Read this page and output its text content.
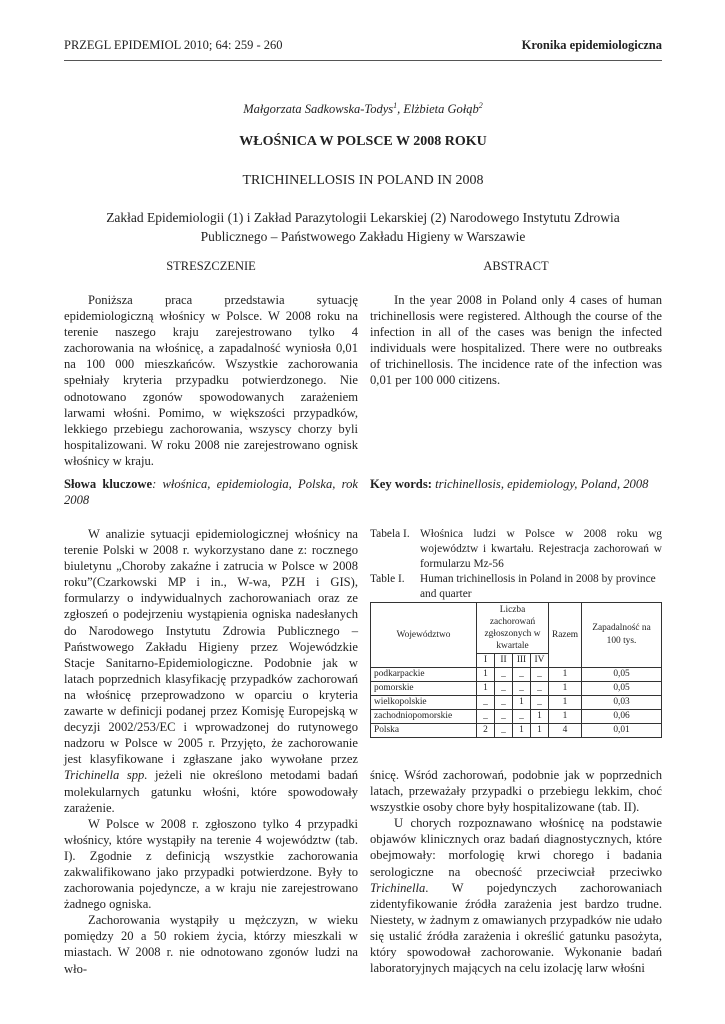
PRZEGL EPIDEMIOL 2010; 64: 259 - 260	Kronika epidemiologiczna
Małgorzata Sadkowska-Todys$^1$, Elżbieta Gołąb$^2$
WŁOŚNICA W POLSCE W 2008 ROKU
TRICHINELLOSIS IN POLAND IN 2008
Zakład Epidemiologii (1) i Zakład Parazytologii Lekarskiej (2) Narodowego Instytutu Zdrowia
Publicznego – Państwowego Zakładu Higieny w Warszawie
STRESZCZENIE	ABSTRACT

Poniższa praca przedstawia sytuację epidemiologiczną włośnicy w Polsce. W 2008 roku na terenie naszego kraju zarejestrowano tylko 4 zachorowania na włośnicę, a zapadalność wyniosła 0,01 na 100 000 mieszkańców. Wszystkie zachorowania spełniały kryteria przypadku potwierdzonego. Nie odnotowano zgonów spowodowanych zarażeniem larwami włośni. Pomimo, w większości przypadków, lekkiego przebiegu zachorowania, wszyscy chorzy byli hospitalizowani. W roku 2008 nie zarejestrowano ognisk włośnicy w kraju.

Słowa kluczowe: włośnica, epidemiologia, Polska, rok 2008

In the year 2008 in Poland only 4 cases of human trichinellosis were registered. Although the course of the infection in all of the cases was benign the infected individuals were hospitalized. There were no outbreaks of trichinellosis. The incidence rate of the infection was 0,01 per 100 000 citizens.

Key words: trichinellosis, epidemiology, Poland, 2008

W analizie sytuacji epidemiologicznej włośnicy na terenie Polski w 2008 r. wykorzystano dane z: rocznego biuletynu „Choroby zakaźne i zatrucia w Polsce w 2008 roku”(Czarkowski MP i in., W-wa, PZH i GIS), formularzy o indywidualnych zachorowaniach oraz ze zgłoszeń o podejrzeniu wystąpienia ogniska nadesłanych do Narodowego Instytutu Zdrowia Publicznego – Państwowego Zakładu Higieny przez Wojewódzkie Stacje Sanitarno-Epidemiologiczne. Podobnie jak w latach poprzednich klasyfikację przypadków zachorowań na włośnicę przeprowadzono w oparciu o kryteria zawarte w definicji podanej przez Komisję Europejską w decyzji 2002/253/EC i wprowadzonej do rutynowego nadzoru w Polsce w 2005 r. Przyjęto, że zachorowanie jest klasyfikowane i zgłaszane jako wywołane przez Trichinella spp. jeżeli nie określono metodami badań molekularnych gatunku włośni, które spowodowały zarażenie.

W Polsce w 2008 r. zgłoszono tylko 4 przypadki włośnicy, które wystąpiły na terenie 4 województw (tab. I). Zgodnie z definicją wszystkie zachorowania zakwalifikowano jako przypadki potwierdzone. Były to zachorowania pojedyncze, a w kraju nie zarejestrowano żadnego ogniska.

Zachorowania wystąpiły u mężczyzn, w wieku pomiędzy 20 a 50 rokiem życia, którzy mieszkali w miastach. W 2008 r. nie odnotowano zgonów ludzi na wło-

Tabela I. Włośnica ludzi w Polsce w 2008 roku wg województw i kwartału. Rejestracja zachorowań w formularzu Mz-56
Table I.	Human trichinellosis in Poland in 2008 by province and quarter
Województwo	Liczba zachorowań zgłoszonych w kwartale				Razem	Zapadalność na 100 tys.
	I	II	III	IV		
podkarpackie	1	_	_	_	1	0,05
pomorskie	1	_	_	_	1	0,05
wielkopolskie	_	_	1	_	1	0,03
zachodniopomorskie	_	_	_	1	1	0,06
Polska	2	_	1	1	4	0,01

śnicę. Wśród zachorowań, podobnie jak w poprzednich latach, przeważały przypadki o przebiegu lekkim, choć wszystkie osoby chore były hospitalizowane (tab. II).

U chorych rozpoznawano włośnicę na podstawie objawów klinicznych oraz badań diagnostycznych, które obejmowały: morfologię krwi chorego i badania serologiczne na obecność przeciwciał przeciwko Trichinella. W pojedynczych zachorowaniach zidentyfikowanie źródła zarażenia jest bardzo trudne. Niestety, w żadnym z omawianych przypadków nie udało się ustalić źródła zarażenia i określić gatunku pasożyta, który spowodował zachorowanie. Wykonanie badań laboratoryjnych mających na celu izolację larw włośni
